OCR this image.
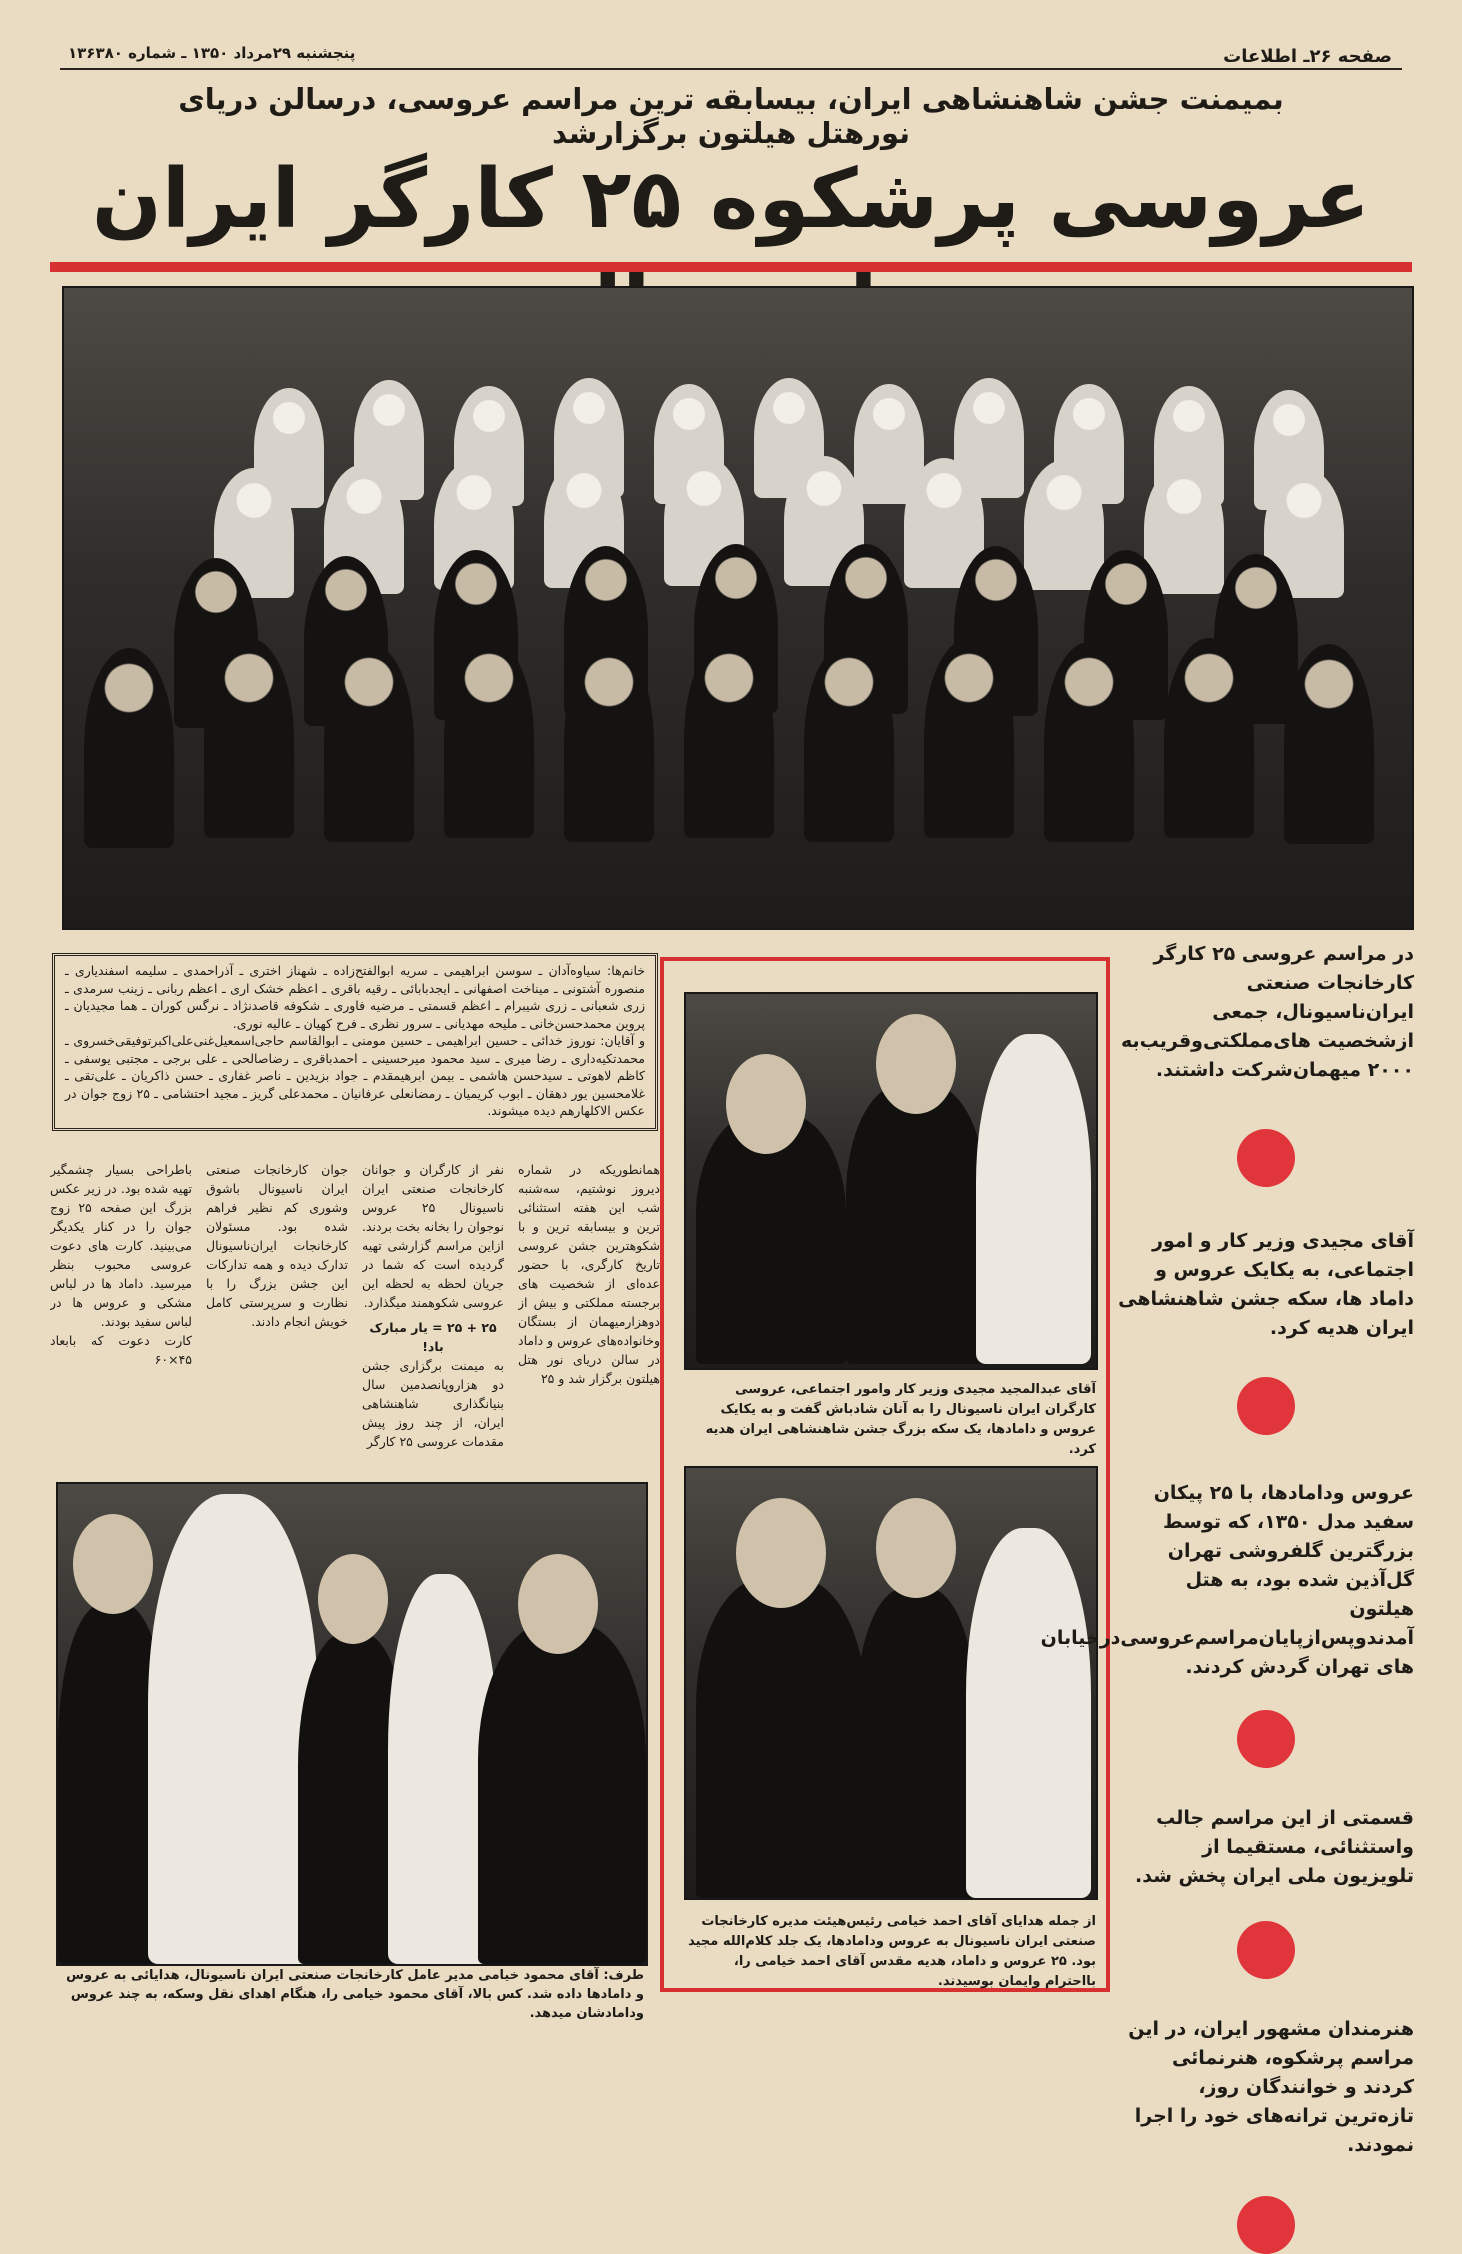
صفحه ۲۶ـ اطلاعات
پنجشنبه ۲۹مرداد ۱۳۵۰ ـ شماره ۱۳۶۳۸۰
بمیمنت جشن شاهنشاهی ایران، بیسابقه ترین مراسم عروسی، درسالن دریای نورهتل هیلتون برگزارشد
عروسی پرشکوه ۲۵ کارگر ایران

خانم‌ها: سیاوه‌آدان ـ سوسن ابراهیمی ـ سریه ابوالفتح‌زاده ـ شهناز اختری ـ آذراحمدی ـ سلیمه اسفندیاری ـ منصوره آشتونی ـ میناخت اصفهانی ـ ایجدبابائی ـ رقیه باقری ـ اعظم خشک اری ـ اعظم ربانی ـ زینب سرمدی ـ زری شعبانی ـ زری شیبرام ـ اعظم قسمتی ـ مرضیه فاوری ـ شکوفه قاصدنژاد ـ نرگس کوران ـ هما مجیدیان ـ پروین محمدحسن‌خانی ـ ملیحه مهدیانی ـ سرور نظری ـ فرح کهیان ـ عالیه نوری.

و آقایان: نوروز خدائی ـ حسین ابراهیمی ـ حسین مومنی ـ ابوالقاسم حاجی‌اسمعیل‌غنی‌علی‌اکبر‌توفیقی‌خسروی ـ محمدتکیه‌داری ـ رضا میری ـ سید محمود میرحسینی ـ احمدباقری ـ رضاصالحی ـ علی برجی ـ مجتبی یوسفی ـ کاظم لاهوتی ـ سیدحسن هاشمی ـ بیمن ابرهیمقدم ـ جواد بزیدین ـ ناصر غفاری ـ حسن ذاکریان ـ علی‌تقی ـ غلامحسین یور دهقان ـ ابوب کریمیان ـ رمضانعلی عرفانیان ـ محمدعلی گریز ـ مجید احتشامی ـ ۲۵ زوج جوان در عکس الاکلهارهم دیده میشوند.

همانطوریکه در شماره دیروز نوشتیم، سه‌شنبه شب این هفته استثنائی ترین و بیسابقه ترین و با شکوهترین جشن عروسی تاریخ کارگری، با حضور عده‌ای از شخصیت های برجسته مملکتی و بیش از دوهزارمیهمان از بستگان وخانواده‌های عروس و داماد در سالن دریای نور هتل هیلتون برگزار شد و ۲۵
نفر از کارگران و جوانان کارخانجات صنعتی ایران ناسیونال ۲۵ عروس نوجوان را بخانه بخت بردند. ازاین مراسم گزارشی تهیه گردیده است که شما در جریان لحظه به لحظه این عروسی شکوهمند میگذارد.
۲۵ + ۲۵ = یار مبارک باد!
به میمنت برگزاری جشن دو هزاروپانصدمین سال بنیانگذاری شاهنشاهی ایران، از چند روز پیش مقدمات عروسی ۲۵ کارگر
جوان کارخانجات صنعتی ایران ناسیونال باشوق وشوری کم نظیر فراهم شده بود. مسئولان کارخانجات ایران‌ناسیونال تدارک دیده و همه تدارکات این جشن بزرگ را با نظارت و سرپرستی کامل خویش انجام دادند.
باطراحی بسیار چشمگیر تهیه شده بود. در زیر عکس بزرگ این صفحه ۲۵ زوج جوان را در کنار یکدیگر می‌بینید. کارت های دعوت عروسی محبوب بنظر میرسید. داماد ها در لباس مشکی و عروس ها در لباس سفید بودند.
کارت دعوت که بابعاد ۴۵×۶۰
آقای عبدالمجید مجیدی وزیر کار وامور اجتماعی، عروسی کارگران ایران ناسیونال را به آنان شادباش گفت و به یکایک عروس و دامادها، یک سکه بزرگ جشن شاهنشاهی ایران هدیه کرد.
از جمله هدایای آقای احمد خیامی رئیس‌هیئت مدیره کارخانجات صنعتی ایران ناسیونال به عروس ودامادها، یک جلد کلام‌الله مجید بود. ۲۵ عروس و داماد، هدیه مقدس آقای احمد خیامی را، بااحترام وایمان بوسیدند.
طرف: آقای محمود خیامی مدیر عامل کارخانجات صنعتی ایران ناسیونال، هدایائی به عروس و دامادها داده شد. کس بالا، آقای محمود خیامی را، هنگام اهدای نقل وسکه، به چند عروس ودامادشان میدهد.

در مراسم عروسی ۲۵ کارگر کارخانجات صنعتی ایران‌ناسیونال، جمعی ازشخصیت های‌مملکتی‌وقریب‌به ۲۰۰۰ میهمان‌شرکت داشتند.

آقای مجیدی وزیر کار و امور اجتماعی، به یکایک عروس و داماد ها، سکه جشن شاهنشاهی ایران هدیه کرد.

عروس ودامادها، با ۲۵ پیکان سفید مدل ۱۳۵۰، که توسط بزرگترین گلفروشی تهران گل‌آذین شده بود، به هتل هیلتون آمدندوپس‌ازپایان‌مراسم‌عروسی‌درخیابان های تهران گردش کردند.

قسمتی از این مراسم جالب واستثنائی، مستقیما از تلویزیون ملی ایران پخش شد.

هنرمندان مشهور ایران، در این مراسم پرشکوه، هنرنمائی کردند و خوانندگان روز، تازه‌ترین ترانه‌های خود را اجرا نمودند.
